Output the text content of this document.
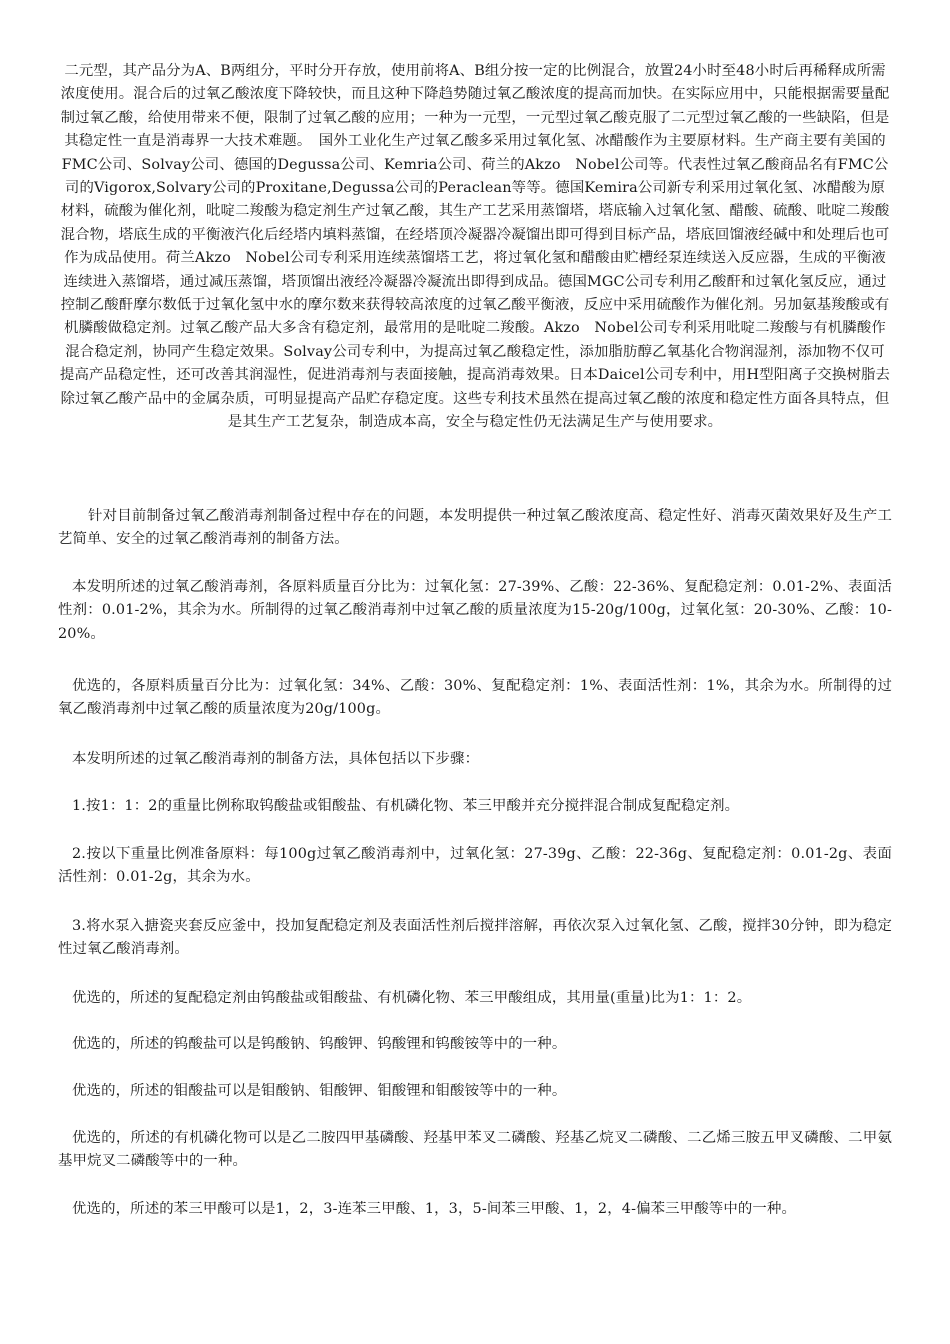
二元型，其产品分为A、B两组分，平时分开存放，使用前将A、B组分按一定的比例混合，放置24小时至48小时后再稀释成所需浓度使用。混合后的过氧乙酸浓度下降较快，而且这种下降趋势随过氧乙酸浓度的提高而加快。在实际应用中，只能根据需要量配制过氧乙酸，给使用带来不便，限制了过氧乙酸的应用；一种为一元型，一元型过氧乙酸克服了二元型过氧乙酸的一些缺陷，但是其稳定性一直是消毒界一大技术难题。　国外工业化生产过氧乙酸多采用过氧化氢、冰醋酸作为主要原材料。生产商主要有美国的FMC公司、Solvay公司、德国的Degussa公司、Kemria公司、荷兰的Akzo　Nobel公司等。代表性过氧乙酸商品名有FMC公司的Vigorox,Solvary公司的Proxitane,Degussa公司的Peraclean等等。德国Kemira公司新专利采用过氧化氢、冰醋酸为原材料，硫酸为催化剂，吡啶二羧酸为稳定剂生产过氧乙酸，其生产工艺采用蒸馏塔，塔底输入过氧化氢、醋酸、硫酸、吡啶二羧酸混合物，塔底生成的平衡液汽化后经塔内填料蒸馏，在经塔顶冷凝器冷凝馏出即可得到目标产品，塔底回馏液经碱中和处理后也可作为成品使用。荷兰Akzo　Nobel公司专利采用连续蒸馏塔工艺，将过氧化氢和醋酸由贮槽经泵连续送入反应器，生成的平衡液连续进入蒸馏塔，通过减压蒸馏，塔顶馏出液经冷凝器冷凝流出即得到成品。德国MGC公司专利用乙酸酐和过氧化氢反应，通过控制乙酸酐摩尔数低于过氧化氢中水的摩尔数来获得较高浓度的过氧乙酸平衡液，反应中采用硫酸作为催化剂。另加氨基羧酸或有机膦酸做稳定剂。过氧乙酸产品大多含有稳定剂，最常用的是吡啶二羧酸。Akzo　Nobel公司专利采用吡啶二羧酸与有机膦酸作混合稳定剂，协同产生稳定效果。Solvay公司专利中，为提高过氧乙酸稳定性，添加脂肪醇乙氧基化合物润湿剂，添加物不仅可提高产品稳定性，还可改善其润湿性，促进消毒剂与表面接触，提高消毒效果。日本Daicel公司专利中，用H型阳离子交换树脂去除过氧乙酸产品中的金属杂质，可明显提高产品贮存稳定度。这些专利技术虽然在提高过氧乙酸的浓度和稳定性方面各具特点，但是其生产工艺复杂，制造成本高，安全与稳定性仍无法满足生产与使用要求。

针对目前制备过氧乙酸消毒剂制备过程中存在的问题，本发明提供一种过氧乙酸浓度高、稳定性好、消毒灭菌效果好及生产工艺简单、安全的过氧乙酸消毒剂的制备方法。

本发明所述的过氧乙酸消毒剂，各原料质量百分比为：过氧化氢：27-39%、乙酸：22-36%、复配稳定剂：0.01-2%、表面活性剂：0.01-2%，其余为水。所制得的过氧乙酸消毒剂中过氧乙酸的质量浓度为15-20g/100g，过氧化氢：20-30%、乙酸：10-20%。

优选的，各原料质量百分比为：过氧化氢：34%、乙酸：30%、复配稳定剂：1%、表面活性剂：1%，其余为水。所制得的过氧乙酸消毒剂中过氧乙酸的质量浓度为20g/100g。

本发明所述的过氧乙酸消毒剂的制备方法，具体包括以下步骤：

1.按1：1：2的重量比例称取钨酸盐或钼酸盐、有机磷化物、苯三甲酸并充分搅拌混合制成复配稳定剂。

2.按以下重量比例准备原料：每100g过氧乙酸消毒剂中，过氧化氢：27-39g、乙酸：22-36g、复配稳定剂：0.01-2g、表面活性剂：0.01-2g，其余为水。

3.将水泵入搪瓷夹套反应釜中，投加复配稳定剂及表面活性剂后搅拌溶解，再依次泵入过氧化氢、乙酸，搅拌30分钟，即为稳定性过氧乙酸消毒剂。

优选的，所述的复配稳定剂由钨酸盐或钼酸盐、有机磷化物、苯三甲酸组成，其用量(重量)比为1：1：2。

优选的，所述的钨酸盐可以是钨酸钠、钨酸钾、钨酸锂和钨酸铵等中的一种。

优选的，所述的钼酸盐可以是钼酸钠、钼酸钾、钼酸锂和钼酸铵等中的一种。

优选的，所述的有机磷化物可以是乙二胺四甲基磷酸、羟基甲苯叉二磷酸、羟基乙烷叉二磷酸、二乙烯三胺五甲叉磷酸、二甲氨基甲烷叉二磷酸等中的一种。

优选的，所述的苯三甲酸可以是1，2，3-连苯三甲酸、1，3，5-间苯三甲酸、1，2，4-偏苯三甲酸等中的一种。
